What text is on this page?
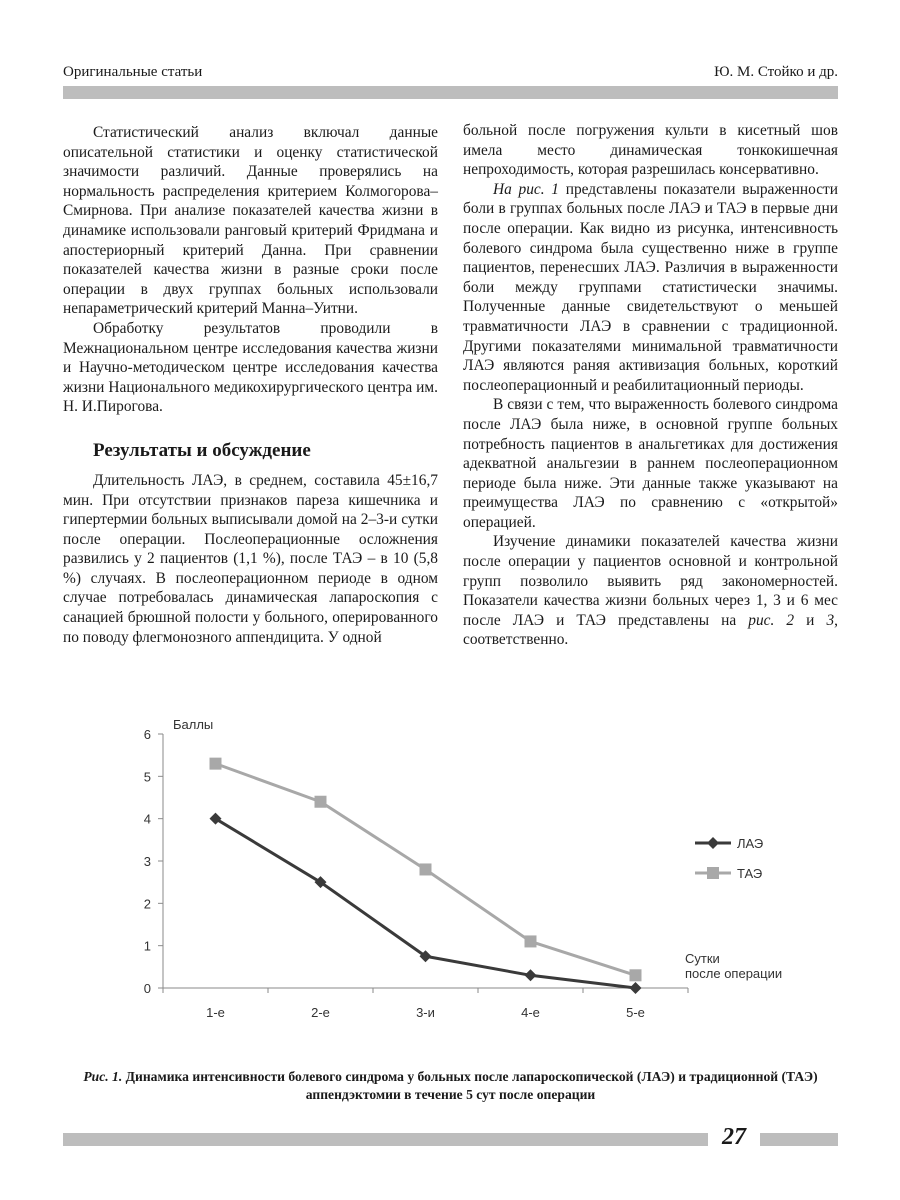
Оригинальные статьи	Ю. М. Стойко и др.

Статистический анализ включал данные описательной статистики и оценку статистической значимости различий. Данные проверялись на нормальность распределения критерием Колмогорова–Смирнова. При анализе показателей качества жизни в динамике использовали ранговый критерий Фридмана и апостериорный критерий Данна. При сравнении показателей качества жизни в разные сроки после операции в двух группах больных использовали непараметрический критерий Манна–Уитни.

Обработку результатов проводили в Межнациональном центре исследования качества жизни и Научно-методическом центре исследования качества жизни Национального медикохирургического центра им. Н. И.Пирогова.

Результаты и обсуждение

Длительность ЛАЭ, в среднем, составила 45±16,7 мин. При отсутствии признаков пареза кишечника и гипертермии больных выписывали домой на 2–3-и сутки после операции. Послеоперационные осложнения развились у 2 пациентов (1,1 %), после ТАЭ – в 10 (5,8 %) случаях. В послеоперационном периоде в одном случае потребовалась динамическая лапароскопия с санацией брюшной полости у больного, оперированного по поводу флегмонозного аппендицита. У одной

больной после погружения культи в кисетный шов имела место динамическая тонкокишечная непроходимость, которая разрешилась консервативно.

На рис. 1 представлены показатели выраженности боли в группах больных после ЛАЭ и ТАЭ в первые дни после операции. Как видно из рисунка, интенсивность болевого синдрома была существенно ниже в группе пациентов, перенесших ЛАЭ. Различия в выраженности боли между группами статистически значимы. Полученные данные свидетельствуют о меньшей травматичности ЛАЭ в сравнении с традиционной. Другими показателями минимальной травматичности ЛАЭ являются раняя активизация больных, короткий послеоперационный и реабилитационный периоды.

В связи с тем, что выраженность болевого синдрома после ЛАЭ была ниже, в основной группе больных потребность пациентов в анальгетиках для достижения адекватной анальгезии в раннем послеоперационном периоде была ниже. Эти данные также указывают на преимущества ЛАЭ по сравнению с «открытой» операцией.

Изучение динамики показателей качества жизни после операции у пациентов основной и контрольной групп позволило выявить ряд закономерностей. Показатели качества жизни больных через 1, 3 и 6 мес после ЛАЭ и ТАЭ представлены на рис. 2 и 3, соответственно.

0
1
2
3
4
5
6
1-е	2-е	3-и	4-е	5-е
Баллы
Сутки
после операции
ЛАЭ
ТАЭ
Рис. 1. Динамика интенсивности болевого синдрома у больных после лапароскопической (ЛАЭ) и традиционной (ТАЭ) аппендэктомии в течение 5 сут после операции
27
